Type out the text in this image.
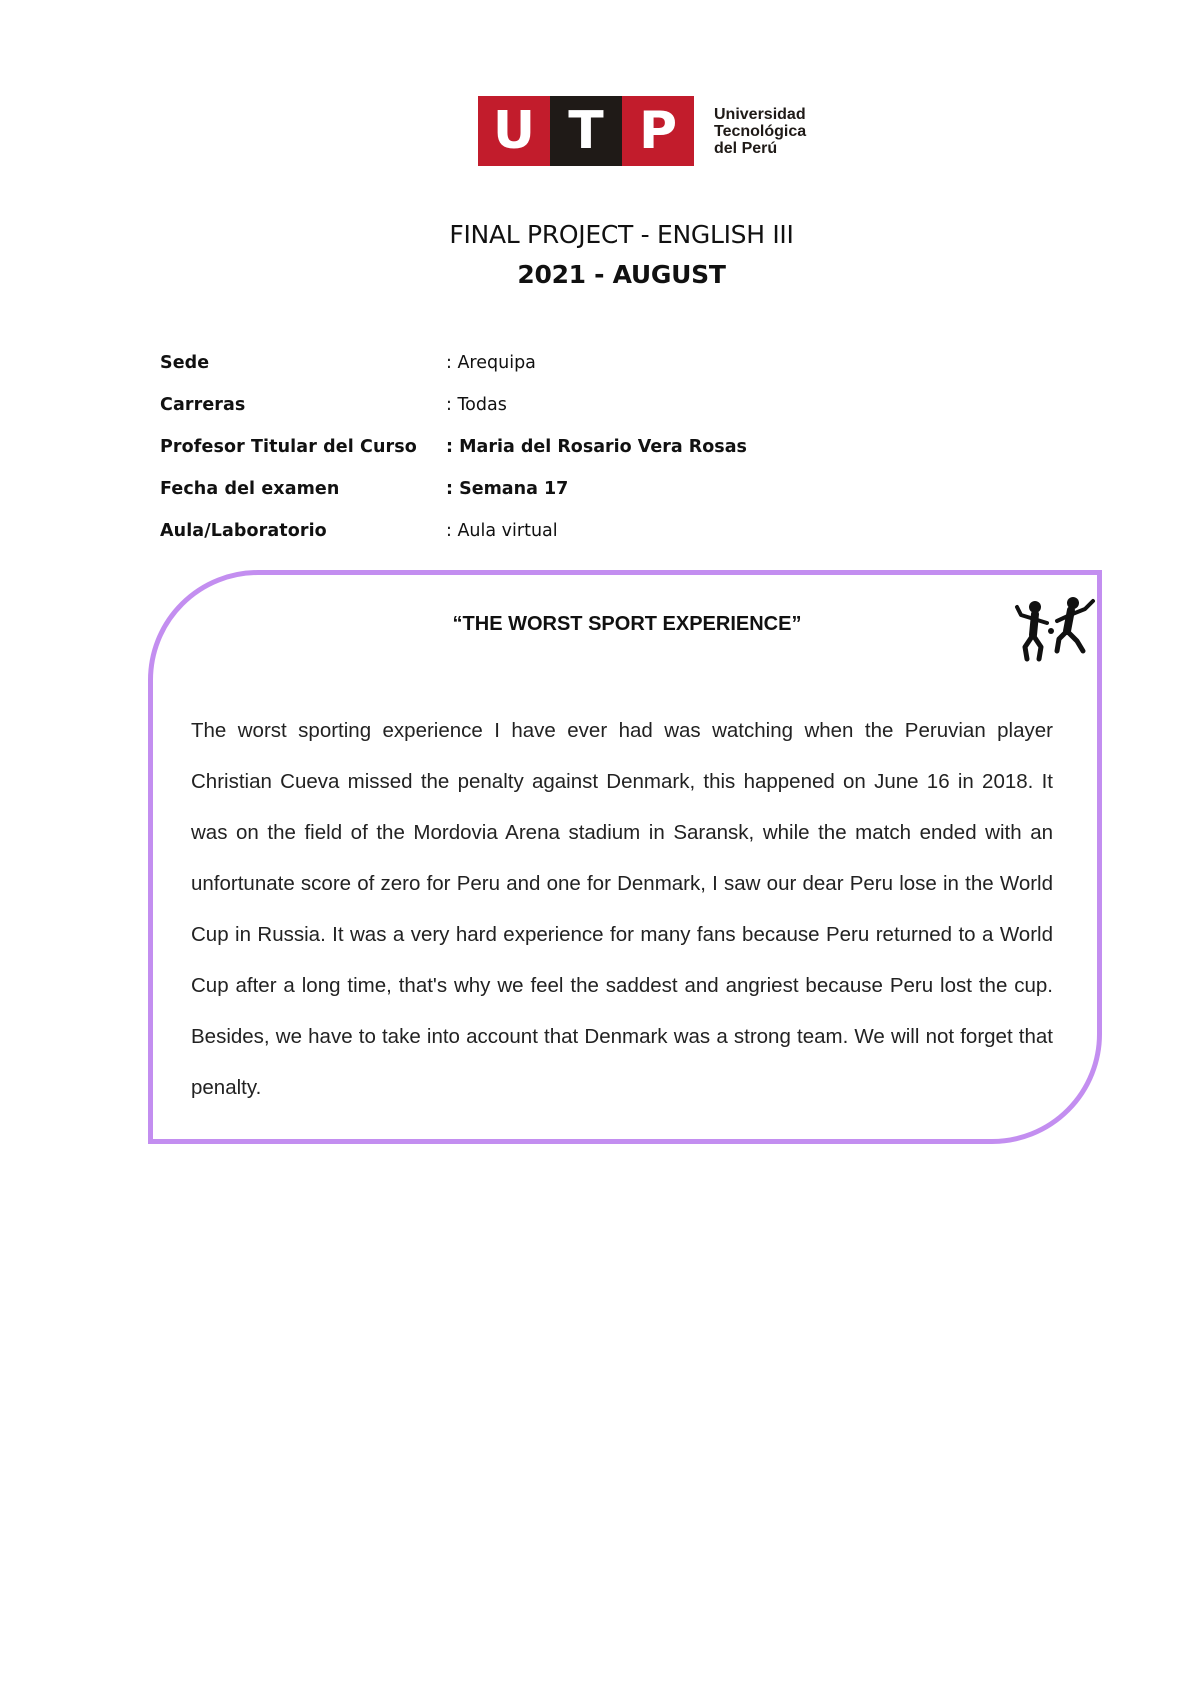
U T P	Universidad
Tecnológica
del Perú
FINAL PROJECT - ENGLISH III
2021 - AUGUST
Sede	: Arequipa
Carreras	: Todas
Profesor Titular del Curso	: Maria del Rosario Vera Rosas
Fecha del examen	: Semana 17
Aula/Laboratorio	: Aula virtual
“THE WORST SPORT EXPERIENCE”

The worst sporting experience I have ever had was watching when the Peruvian player Christian Cueva missed the penalty against Denmark, this happened on June 16 in 2018. It was on the field of the Mordovia Arena stadium in Saransk, while the match ended with an unfortunate score of zero for Peru and one for Denmark, I saw our dear Peru lose in the World Cup in Russia. It was a very hard experience for many fans because Peru returned to a World Cup after a long time, that's why we feel the saddest and angriest because Peru lost the cup. Besides, we have to take into account that Denmark was a strong team. We will not forget that penalty.
